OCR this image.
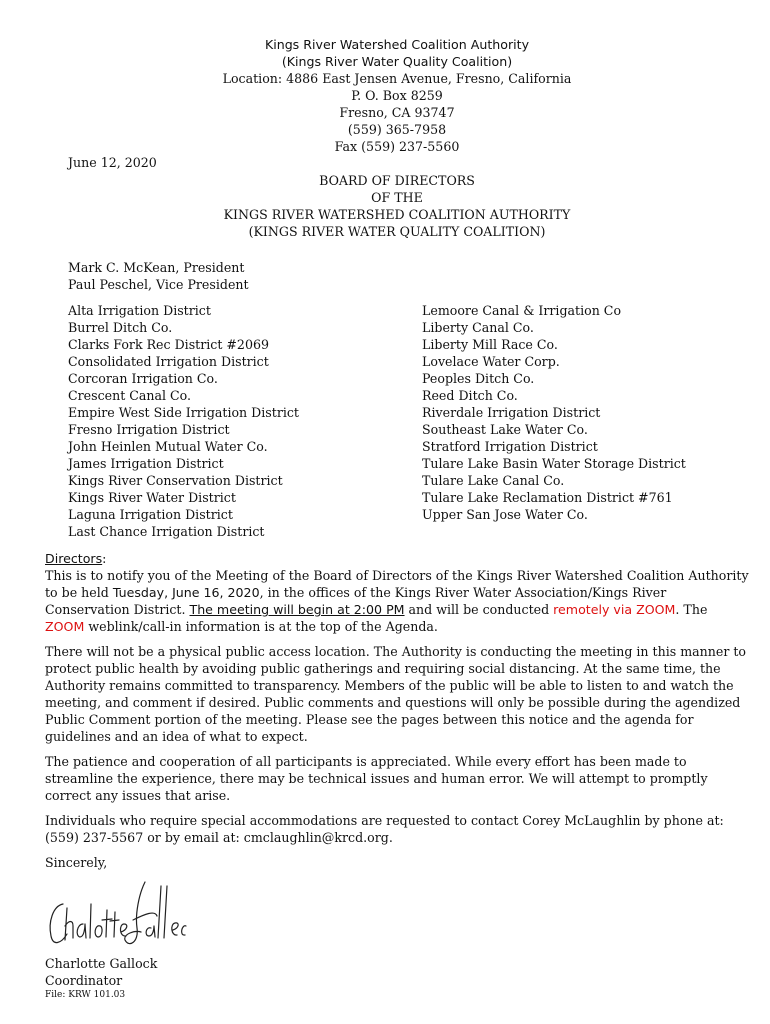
Kings River Watershed Coalition Authority
(Kings River Water Quality Coalition)
Location: 4886 East Jensen Avenue, Fresno, California
P. O. Box 8259
Fresno, CA 93747
(559) 365-7958
Fax (559) 237-5560
June 12, 2020
BOARD OF DIRECTORS
OF THE
KINGS RIVER WATERSHED COALITION AUTHORITY
(KINGS RIVER WATER QUALITY COALITION)
Mark C. McKean, President
Paul Peschel, Vice President
Alta Irrigation District
Burrel Ditch Co.
Clarks Fork Rec District #2069
Consolidated Irrigation District
Corcoran Irrigation Co.
Crescent Canal Co.
Empire West Side Irrigation District
Fresno Irrigation District
John Heinlen Mutual Water Co.
James Irrigation District
Kings River Conservation District
Kings River Water District
Laguna Irrigation District
Last Chance Irrigation District
Lemoore Canal & Irrigation Co
Liberty Canal Co.
Liberty Mill Race Co.
Lovelace Water Corp.
Peoples Ditch Co.
Reed Ditch Co.
Riverdale Irrigation District
Southeast Lake Water Co.
Stratford Irrigation District
Tulare Lake Basin Water Storage District
Tulare Lake Canal Co.
Tulare Lake Reclamation District #761
Upper San Jose Water Co.
Directors:

This is to notify you of the Meeting of the Board of Directors of the Kings River Watershed Coalition Authority to be held Tuesday, June 16, 2020, in the offices of the Kings River Water Association/Kings River Conservation District. The meeting will begin at 2:00 PM and will be conducted remotely via ZOOM. The ZOOM weblink/call-in information is at the top of the Agenda.

There will not be a physical public access location. The Authority is conducting the meeting in this manner to protect public health by avoiding public gatherings and requiring social distancing. At the same time, the Authority remains committed to transparency. Members of the public will be able to listen to and watch the meeting, and comment if desired. Public comments and questions will only be possible during the agendized Public Comment portion of the meeting. Please see the pages between this notice and the agenda for guidelines and an idea of what to expect.

The patience and cooperation of all participants is appreciated. While every effort has been made to streamline the experience, there may be technical issues and human error. We will attempt to promptly correct any issues that arise.

Individuals who require special accommodations are requested to contact Corey McLaughlin by phone at: (559) 237-5567 or by email at: cmclaughlin@krcd.org.

Sincerely,

Charlotte Gallock
Coordinator
File: KRW 101.03
